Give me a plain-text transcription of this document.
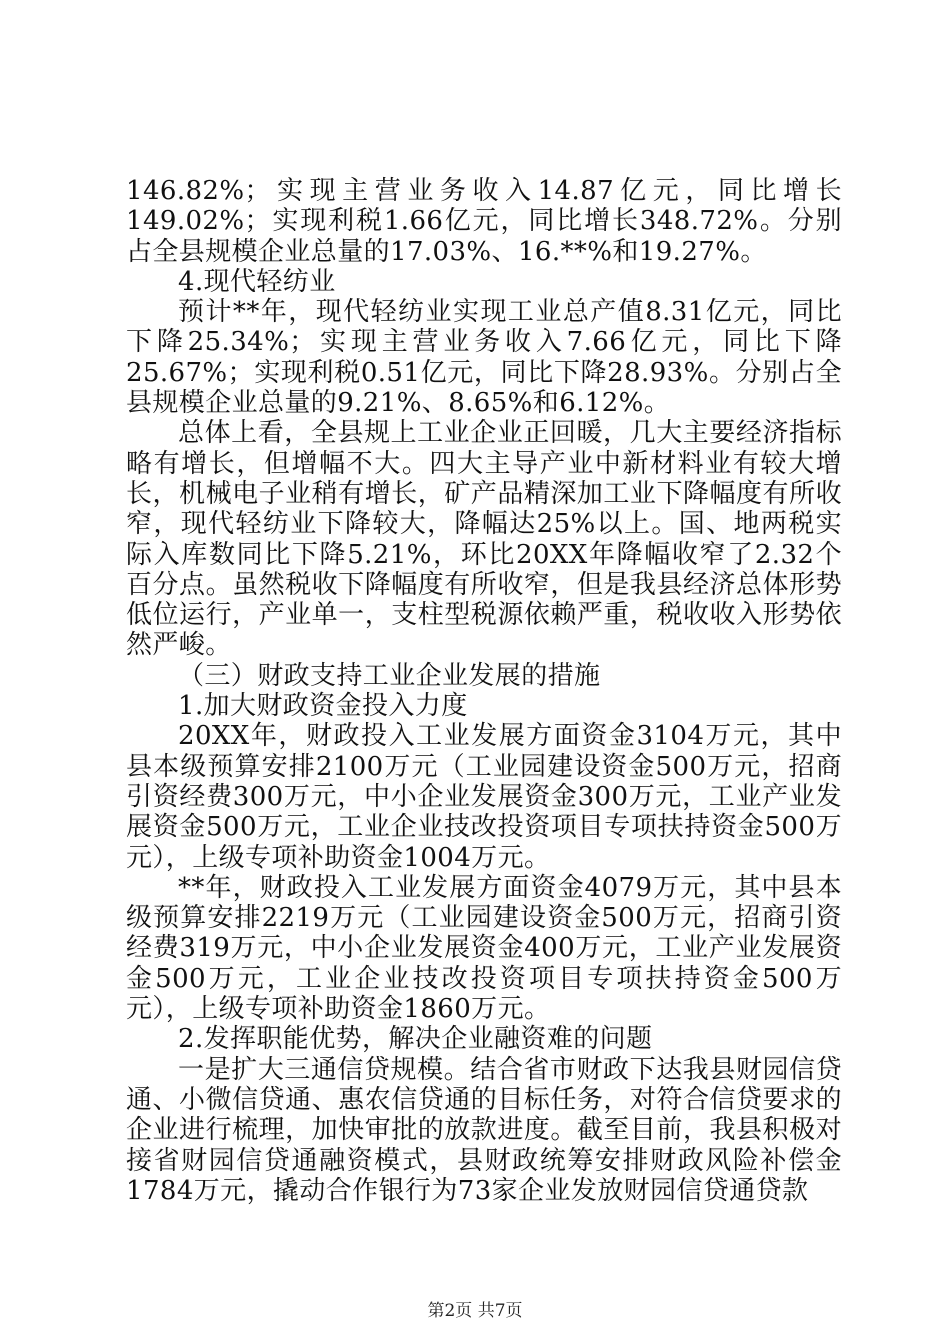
146.82%；实现主营业务收入14.87亿元，同比增长149.02%；实现利税1.66亿元，同比增长348.72%。分别占全县规模企业总量的17.03%、16.**%和19.27%。

4.现代轻纺业

预计**年，现代轻纺业实现工业总产值8.31亿元，同比下降25.34%；实现主营业务收入7.66亿元，同比下降25.67%；实现利税0.51亿元，同比下降28.93%。分别占全县规模企业总量的9.21%、8.65%和6.12%。

总体上看，全县规上工业企业正回暖，几大主要经济指标略有增长，但增幅不大。四大主导产业中新材料业有较大增长，机械电子业稍有增长，矿产品精深加工业下降幅度有所收窄，现代轻纺业下降较大，降幅达25%以上。国、地两税实际入库数同比下降5.21%，环比20XX年降幅收窄了2.32个百分点。虽然税收下降幅度有所收窄，但是我县经济总体形势低位运行，产业单一，支柱型税源依赖严重，税收收入形势依然严峻。

（三）财政支持工业企业发展的措施

1.加大财政资金投入力度

20XX年，财政投入工业发展方面资金3104万元，其中县本级预算安排2100万元（工业园建设资金500万元，招商引资经费300万元，中小企业发展资金300万元，工业产业发展资金500万元，工业企业技改投资项目专项扶持资金500万元），上级专项补助资金1004万元。

**年，财政投入工业发展方面资金4079万元，其中县本级预算安排2219万元（工业园建设资金500万元，招商引资经费319万元，中小企业发展资金400万元，工业产业发展资金500万元，工业企业技改投资项目专项扶持资金500万元），上级专项补助资金1860万元。

2.发挥职能优势，解决企业融资难的问题

一是扩大三通信贷规模。结合省市财政下达我县财园信贷通、小微信贷通、惠农信贷通的目标任务，对符合信贷要求的企业进行梳理，加快审批的放款进度。截至目前，我县积极对接省财园信贷通融资模式，县财政统筹安排财政风险补偿金1784万元，撬动合作银行为73家企业发放财园信贷通贷款

第2页 共7页
